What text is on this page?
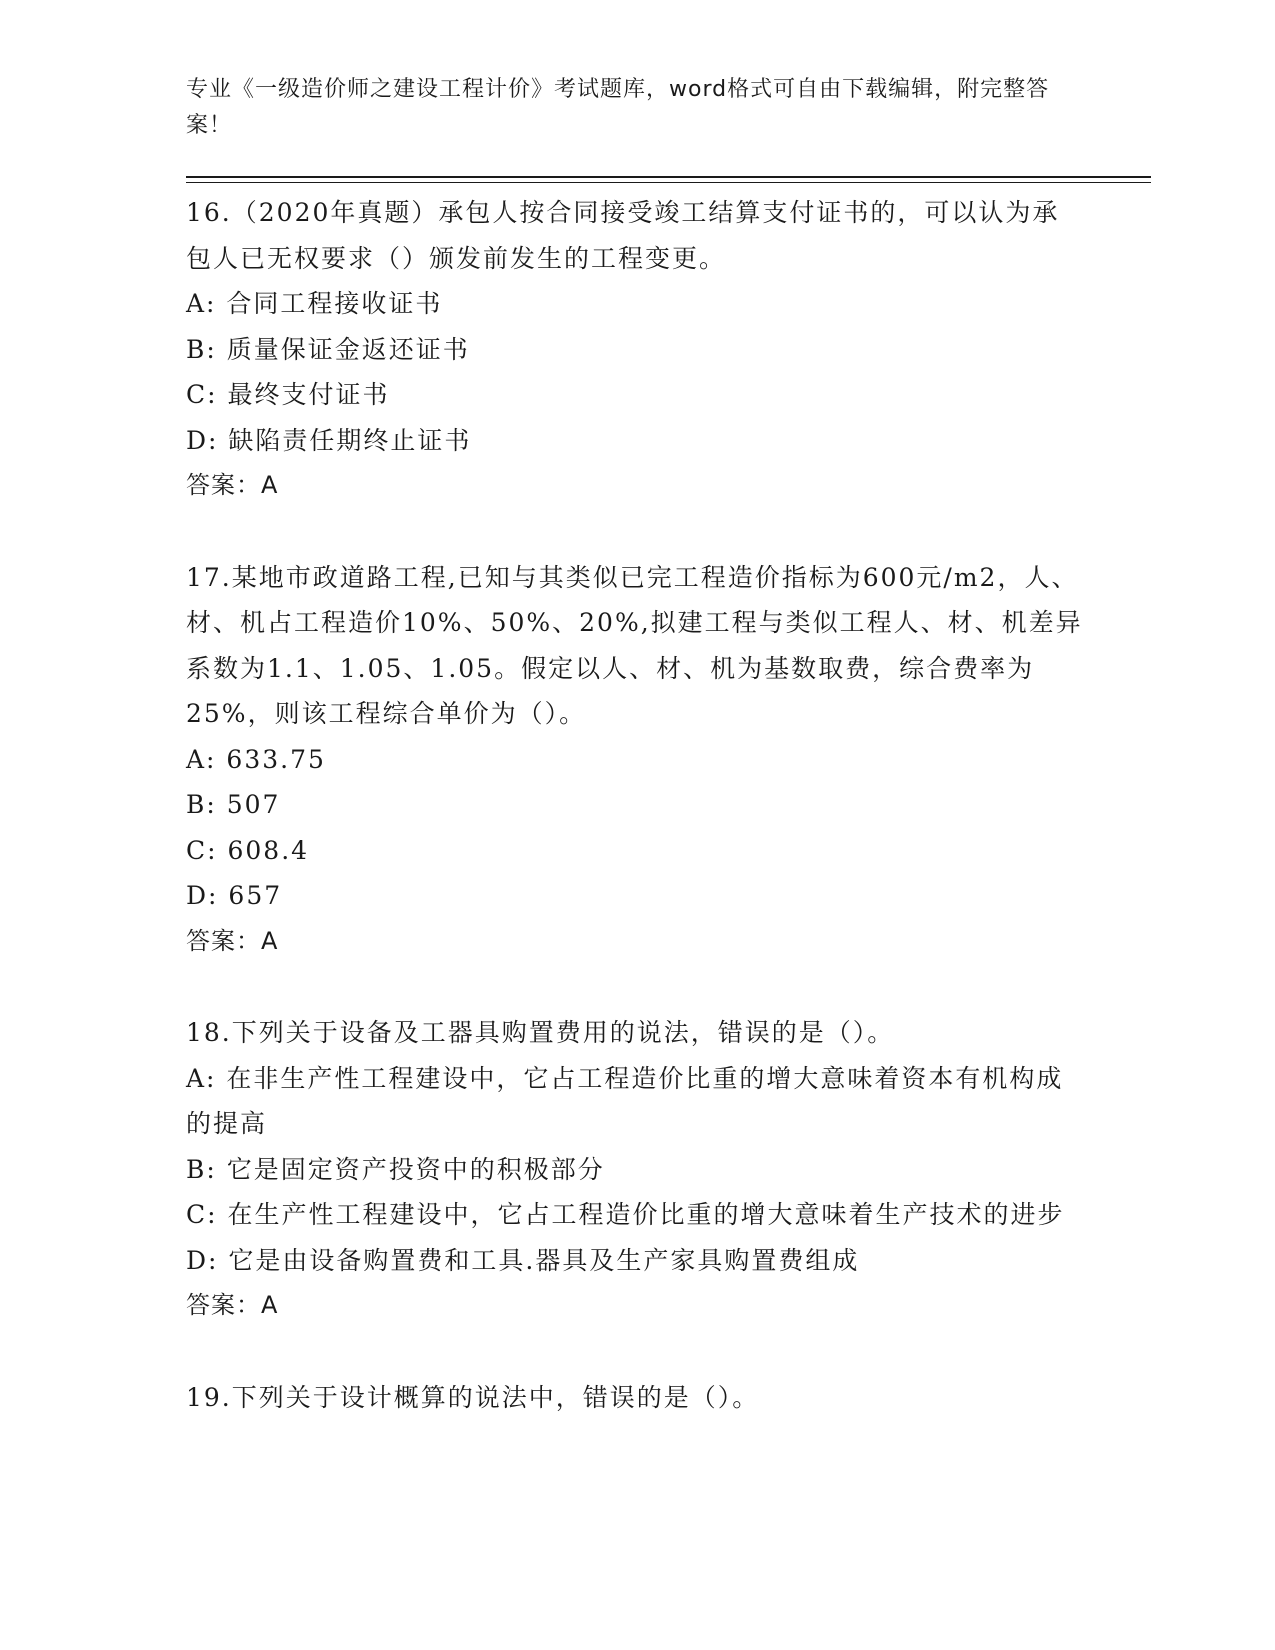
专业《一级造价师之建设工程计价》考试题库，word格式可自由下载编辑，附完整答案！

16.（2020年真题）承包人按合同接受竣工结算支付证书的，可以认为承包人已无权要求（）颁发前发生的工程变更。

A: 合同工程接收证书

B: 质量保证金返还证书

C: 最终支付证书

D: 缺陷责任期终止证书

答案：A

17.某地市政道路工程,已知与其类似已完工程造价指标为600元/m2，人、材、机占工程造价10%、50%、20%,拟建工程与类似工程人、材、机差异系数为1.1、1.05、1.05。假定以人、材、机为基数取费，综合费率为25%，则该工程综合单价为（）。

A: 633.75

B: 507

C: 608.4

D: 657

答案：A

18.下列关于设备及工器具购置费用的说法，错误的是（）。

A: 在非生产性工程建设中，它占工程造价比重的增大意味着资本有机构成的提高

B: 它是固定资产投资中的积极部分

C: 在生产性工程建设中，它占工程造价比重的增大意味着生产技术的进步

D: 它是由设备购置费和工具.器具及生产家具购置费组成

答案：A

19.下列关于设计概算的说法中，错误的是（）。
